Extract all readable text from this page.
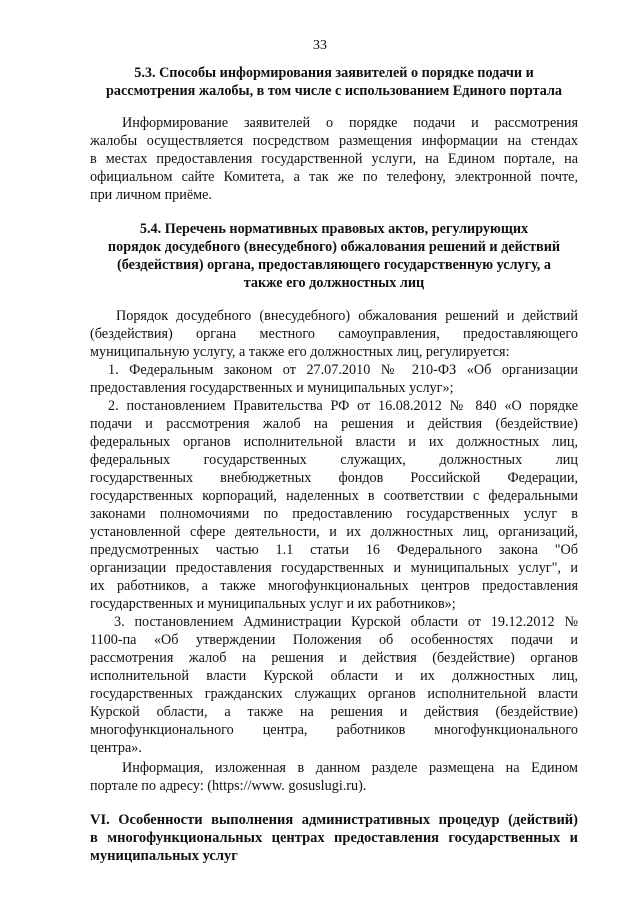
33
5.3. Способы информирования заявителей о порядке подачи и
рассмотрения жалобы, в том числе с использованием Единого портала
Информирование заявителей о порядке подачи и рассмотрения
жалобы осуществляется посредством размещения информации на стендах
в местах предоставления государственной услуги, на Едином портале, на
официальном сайте Комитета, а так же по телефону, электронной почте,
при личном приёме.
5.4. Перечень нормативных правовых актов, регулирующих
порядок досудебного (внесудебного) обжалования решений и действий
(бездействия) органа, предоставляющего государственную услугу, а
также его должностных лиц
Порядок досудебного (внесудебного) обжалования решений и действий
(бездействия) органа местного самоуправления, предоставляющего
муниципальную услугу, а также его должностных лиц, регулируется:
1. Федеральным законом от 27.07.2010 № 210-ФЗ «Об организации
предоставления государственных и муниципальных услуг»;
2. постановлением Правительства РФ от 16.08.2012 № 840 «О порядке
подачи и рассмотрения жалоб на решения и действия (бездействие)
федеральных органов исполнительной власти и их должностных лиц,
федеральных государственных служащих, должностных лиц
государственных внебюджетных фондов Российской Федерации,
государственных корпораций, наделенных в соответствии с федеральными
законами полномочиями по предоставлению государственных услуг в
установленной сфере деятельности, и их должностных лиц, организаций,
предусмотренных частью 1.1 статьи 16 Федерального закона "Об
организации предоставления государственных и муниципальных услуг", и
их работников, а также многофункциональных центров предоставления
государственных и муниципальных услуг и их работников»;
3. постановлением Администрации Курской области от 19.12.2012 №
1100-па «Об утверждении Положения об особенностях подачи и
рассмотрения жалоб на решения и действия (бездействие) органов
исполнительной власти Курской области и их должностных лиц,
государственных гражданских служащих органов исполнительной власти
Курской области, а также на решения и действия (бездействие)
многофункционального центра, работников многофункционального
центра».
Информация, изложенная в данном разделе размещена на Едином
портале по адресу: (https://www. gosuslugi.ru).
VI. Особенности выполнения административных процедур (действий)
в многофункциональных центрах предоставления государственных и
муниципальных услуг
